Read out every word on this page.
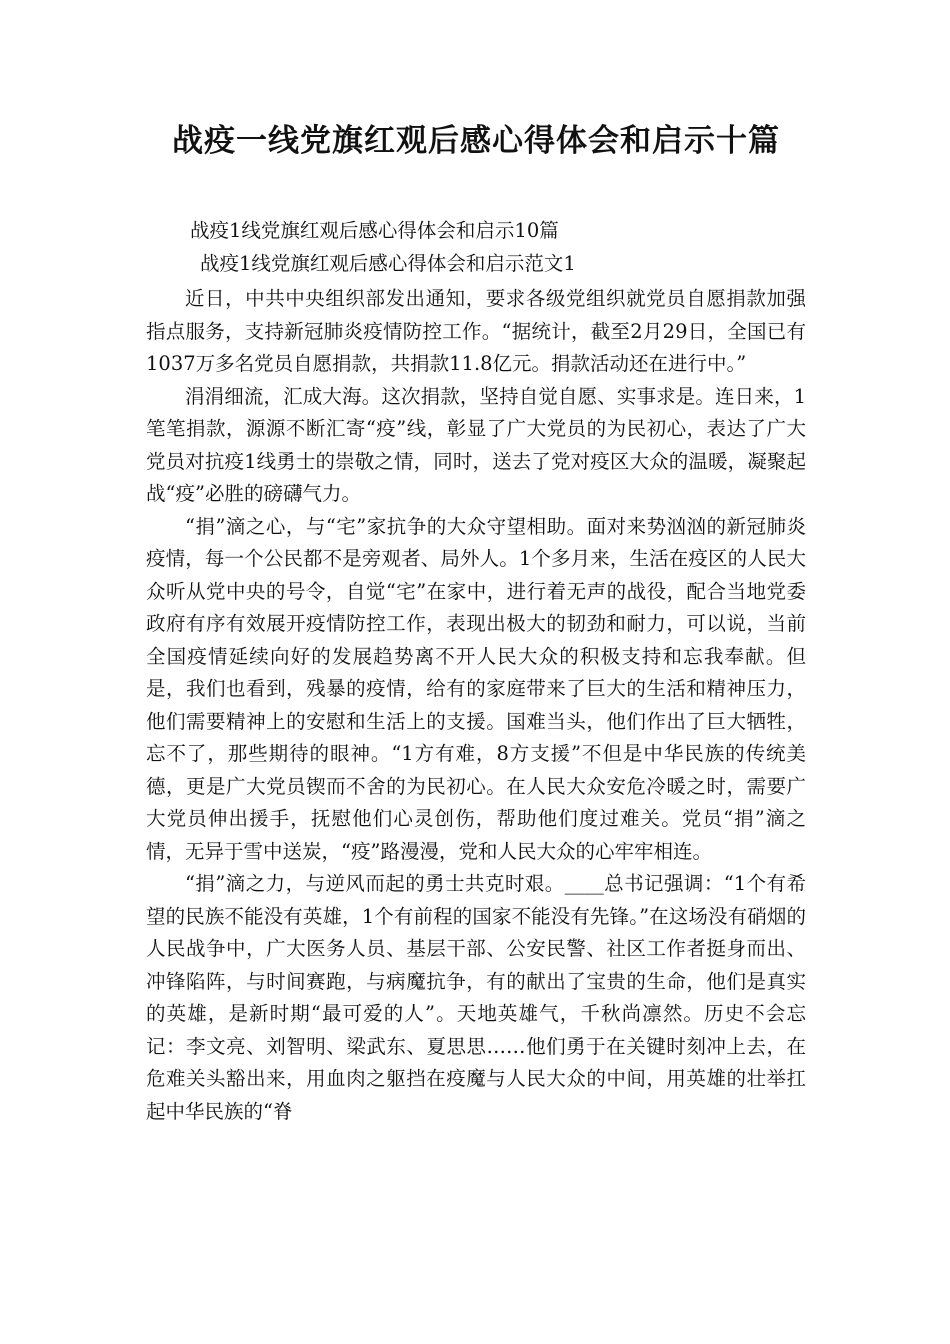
战疫一线党旗红观后感心得体会和启示十篇

战疫1线党旗红观后感心得体会和启示10篇

战疫1线党旗红观后感心得体会和启示范文1

近日，中共中央组织部发出通知，要求各级党组织就党员自愿捐款加强指点服务，支持新冠肺炎疫情防控工作。“据统计，截至2月29日，全国已有1037万多名党员自愿捐款，共捐款11.8亿元。捐款活动还在进行中。”

涓涓细流，汇成大海。这次捐款，坚持自觉自愿、实事求是。连日来，1笔笔捐款，源源不断汇寄“疫”线，彰显了广大党员的为民初心，表达了广大党员对抗疫1线勇士的崇敬之情，同时，送去了党对疫区大众的温暖，凝聚起战“疫”必胜的磅礴气力。

“捐”滴之心，与“宅”家抗争的大众守望相助。面对来势汹汹的新冠肺炎疫情，每一个公民都不是旁观者、局外人。1个多月来，生活在疫区的人民大众听从党中央的号令，自觉“宅”在家中，进行着无声的战役，配合当地党委政府有序有效展开疫情防控工作，表现出极大的韧劲和耐力，可以说，当前全国疫情延续向好的发展趋势离不开人民大众的积极支持和忘我奉献。但是，我们也看到，残暴的疫情，给有的家庭带来了巨大的生活和精神压力，他们需要精神上的安慰和生活上的支援。国难当头，他们作出了巨大牺牲，忘不了，那些期待的眼神。“1方有难，8方支援”不但是中华民族的传统美德，更是广大党员锲而不舍的为民初心。在人民大众安危冷暖之时，需要广大党员伸出援手，抚慰他们心灵创伤，帮助他们度过难关。党员“捐”滴之情，无异于雪中送炭，“疫”路漫漫，党和人民大众的心牢牢相连。

“捐”滴之力，与逆风而起的勇士共克时艰。____总书记强调：“1个有希望的民族不能没有英雄，1个有前程的国家不能没有先锋。”在这场没有硝烟的人民战争中，广大医务人员、基层干部、公安民警、社区工作者挺身而出、冲锋陷阵，与时间赛跑，与病魔抗争，有的献出了宝贵的生命，他们是真实的英雄，是新时期“最可爱的人”。天地英雄气，千秋尚凛然。历史不会忘记：李文亮、刘智明、梁武东、夏思思……他们勇于在关键时刻冲上去，在危难关头豁出来，用血肉之躯挡在疫魔与人民大众的中间，用英雄的壮举扛起中华民族的“脊
